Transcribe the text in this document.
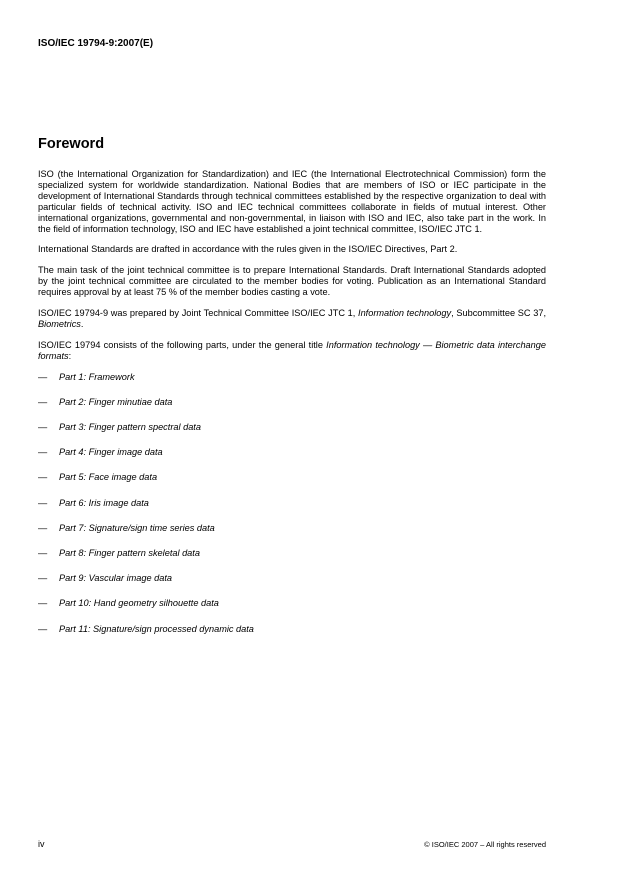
ISO/IEC 19794-9:2007(E)
Foreword

ISO (the International Organization for Standardization) and IEC (the International Electrotechnical Commission) form the specialized system for worldwide standardization. National Bodies that are members of ISO or IEC participate in the development of International Standards through technical committees established by the respective organization to deal with particular fields of technical activity. ISO and IEC technical committees collaborate in fields of mutual interest. Other international organizations, governmental and non-governmental, in liaison with ISO and IEC, also take part in the work. In the field of information technology, ISO and IEC have established a joint technical committee, ISO/IEC JTC 1.

International Standards are drafted in accordance with the rules given in the ISO/IEC Directives, Part 2.

The main task of the joint technical committee is to prepare International Standards. Draft International Standards adopted by the joint technical committee are circulated to the member bodies for voting. Publication as an International Standard requires approval by at least 75 % of the member bodies casting a vote.

ISO/IEC 19794-9 was prepared by Joint Technical Committee ISO/IEC JTC 1, Information technology, Subcommittee SC 37, Biometrics.

ISO/IEC 19794 consists of the following parts, under the general title Information technology — Biometric data interchange formats:

— Part 1: Framework
— Part 2: Finger minutiae data
— Part 3: Finger pattern spectral data
— Part 4: Finger image data
— Part 5: Face image data
— Part 6: Iris image data
— Part 7: Signature/sign time series data
— Part 8: Finger pattern skeletal data
— Part 9: Vascular image data
— Part 10: Hand geometry silhouette data
— Part 11: Signature/sign processed dynamic data
iv	© ISO/IEC 2007 – All rights reserved
